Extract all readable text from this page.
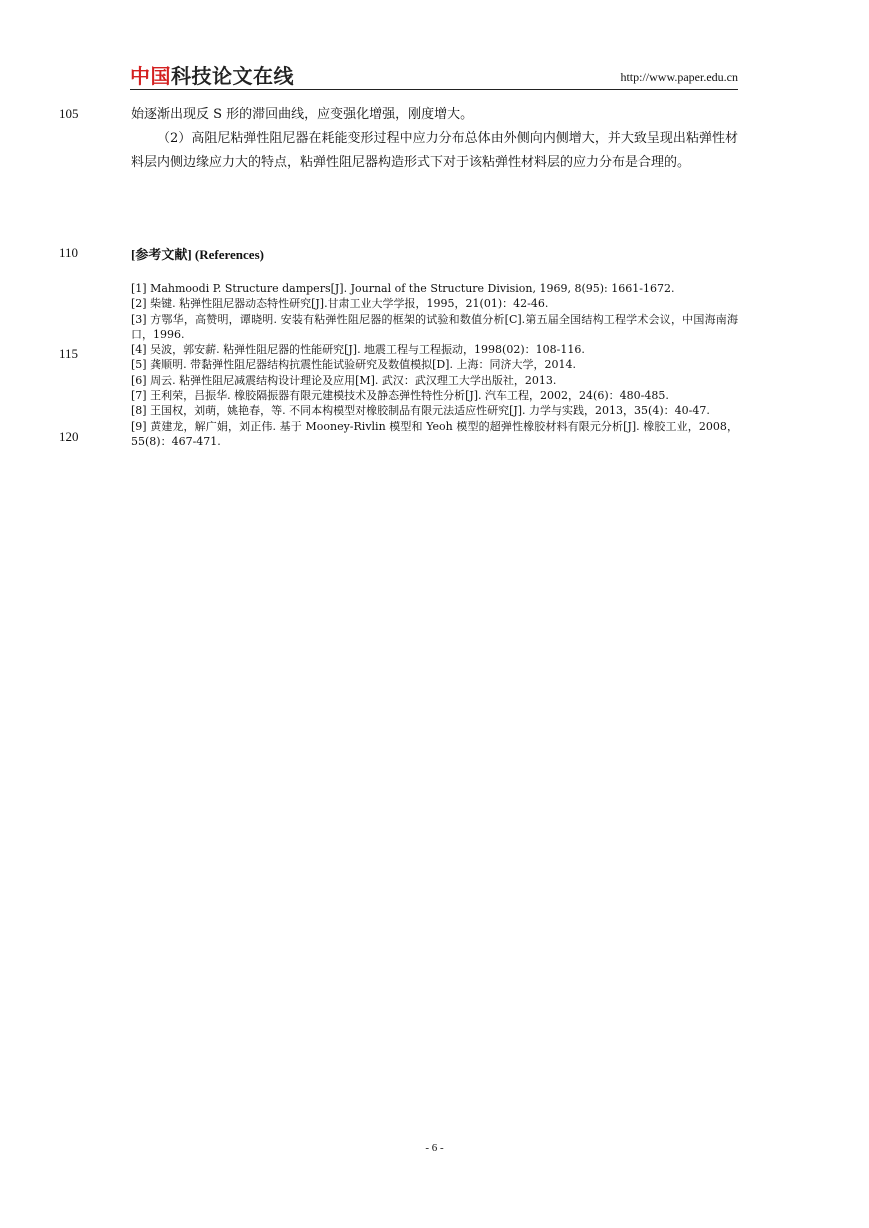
中国科技论文在线	http://www.paper.edu.cn
105
110
115
120
始逐渐出现反 S 形的滞回曲线，应变强化增强，刚度增大。
（2）高阻尼粘弹性阻尼器在耗能变形过程中应力分布总体由外侧向内侧增大，并大致呈现出粘弹性材料层内侧边缘应力大的特点，粘弹性阻尼器构造形式下对于该粘弹性材料层的应力分布是合理的。
[参考文献] (References)
[1] Mahmoodi P. Structure dampers[J]. Journal of the Structure Division, 1969, 8(95): 1661-1672.
[2] 柴键. 粘弹性阻尼器动态特性研究[J].甘肃工业大学学报，1995，21(01)：42-46.
[3] 方鄂华，高赞明，谭晓明. 安装有粘弹性阻尼器的框架的试验和数值分析[C].第五届全国结构工程学术会议，中国海南海口，1996.
[4] 吴波，郭安薪. 粘弹性阻尼器的性能研究[J]. 地震工程与工程振动，1998(02)：108-116.
[5] 龚顺明. 带黏弹性阻尼器结构抗震性能试验研究及数值模拟[D]. 上海：同济大学，2014.
[6] 周云. 粘弹性阻尼减震结构设计理论及应用[M]. 武汉：武汉理工大学出版社，2013.
[7] 王利荣，吕振华. 橡胶隔振器有限元建模技术及静态弹性特性分析[J]. 汽车工程，2002，24(6)：480-485.
[8] 王国权，刘萌，姚艳春，等. 不同本构模型对橡胶制品有限元法适应性研究[J]. 力学与实践，2013，35(4)：40-47.
[9] 黄建龙，解广娟，刘正伟. 基于 Mooney-Rivlin 模型和 Yeoh 模型的超弹性橡胶材料有限元分析[J]. 橡胶工业，2008，55(8)：467-471.
- 6 -
